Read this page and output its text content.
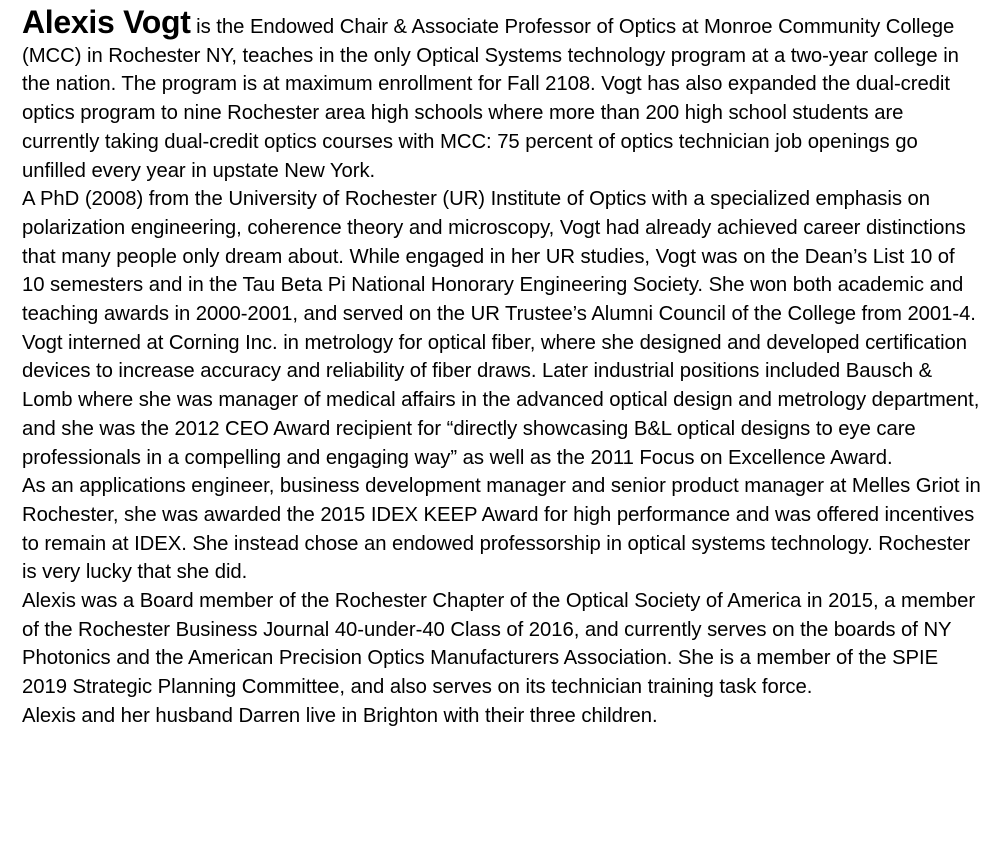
Alexis Vogt is the Endowed Chair & Associate Professor of Optics at Monroe Community College (MCC) in Rochester NY, teaches in the only Optical Systems technology program at a two-year college in the nation. The program is at maximum enrollment for Fall 2108. Vogt has also expanded the dual-credit optics program to nine Rochester area high schools where more than 200 high school students are currently taking dual-credit optics courses with MCC: 75 percent of optics technician job openings go unfilled every year in upstate New York.

A PhD (2008) from the University of Rochester (UR) Institute of Optics with a specialized emphasis on polarization engineering, coherence theory and microscopy, Vogt had already achieved career distinctions that many people only dream about. While engaged in her UR studies, Vogt was on the Dean’s List 10 of 10 semesters and in the Tau Beta Pi National Honorary Engineering Society. She won both academic and teaching awards in 2000-2001, and served on the UR Trustee’s Alumni Council of the College from 2001-4.

Vogt interned at Corning Inc. in metrology for optical fiber, where she designed and developed certification devices to increase accuracy and reliability of fiber draws. Later industrial positions included Bausch & Lomb where she was manager of medical affairs in the advanced optical design and metrology department, and she was the 2012 CEO Award recipient for “directly showcasing B&L optical designs to eye care professionals in a compelling and engaging way” as well as the 2011 Focus on Excellence Award.

As an applications engineer, business development manager and senior product manager at Melles Griot in Rochester, she was awarded the 2015 IDEX KEEP Award for high performance and was offered incentives to remain at IDEX. She instead chose an endowed professorship in optical systems technology. Rochester is very lucky that she did.

Alexis was a Board member of the Rochester Chapter of the Optical Society of America in 2015, a member of the Rochester Business Journal 40-under-40 Class of 2016, and currently serves on the boards of NY Photonics and the American Precision Optics Manufacturers Association. She is a member of the SPIE 2019 Strategic Planning Committee, and also serves on its technician training task force.

Alexis and her husband Darren live in Brighton with their three children.
